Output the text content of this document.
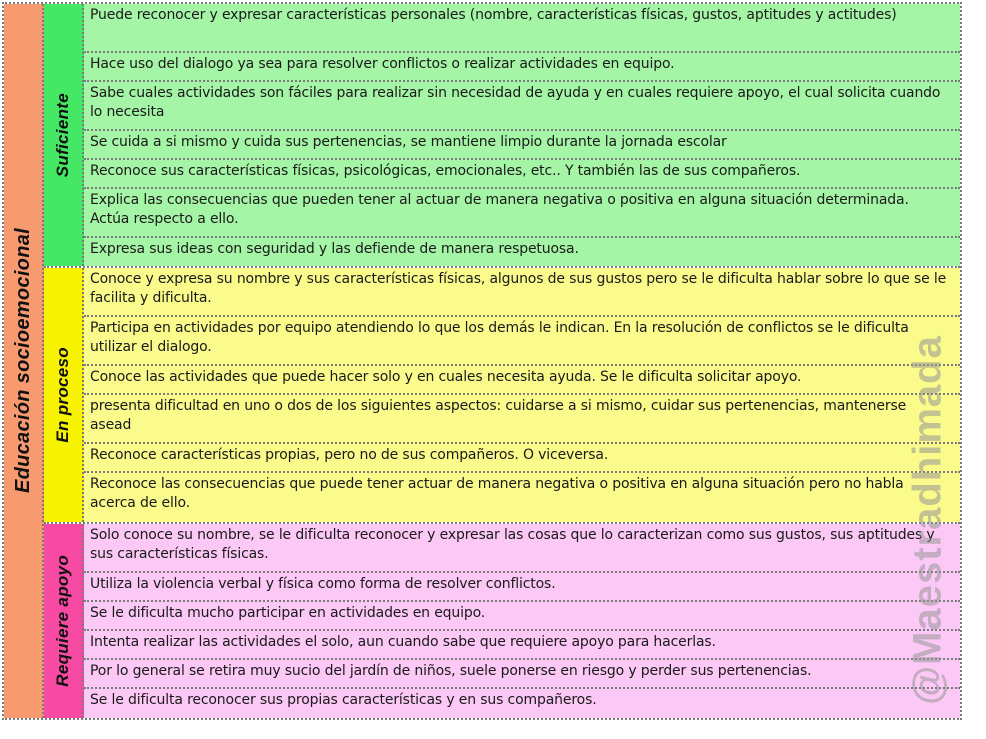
Educación socioemocional
Suficiente
Puede reconocer y expresar características personales (nombre, características físicas, gustos, aptitudes y actitudes)
Hace uso del dialogo ya sea para resolver conflictos o realizar actividades en equipo.
Sabe cuales actividades son fáciles para realizar sin necesidad de ayuda y en cuales requiere apoyo, el cual solicita cuando lo necesita
Se cuida a si mismo y cuida sus pertenencias, se mantiene limpio durante la jornada escolar
Reconoce sus características físicas, psicológicas, emocionales, etc.. Y también las de sus compañeros.
Explica las consecuencias que pueden tener al actuar de manera negativa o positiva en alguna situación determinada. Actúa respecto a ello.
Expresa sus ideas con seguridad y las defiende de manera respetuosa.
En proceso
Conoce y expresa su nombre y sus características físicas, algunos de sus gustos pero se le dificulta hablar sobre lo que se le facilita y dificulta.
Participa en actividades por equipo atendiendo lo que los demás le indican. En la resolución de conflictos se le dificulta utilizar el dialogo.
Conoce las actividades que puede hacer solo y en cuales necesita ayuda. Se le dificulta solicitar apoyo.
presenta dificultad en uno o dos de los siguientes aspectos: cuidarse a si mismo, cuidar sus pertenencias, mantenerse asead
Reconoce características propias, pero no de sus compañeros. O viceversa.
Reconoce las consecuencias que puede tener actuar de manera negativa o positiva en alguna situación pero no habla acerca de ello.
Requiere apoyo
Solo conoce su nombre, se le dificulta reconocer y expresar las cosas que lo caracterizan como sus gustos, sus aptitudes y sus características físicas.
Utiliza la violencia verbal y física como forma de resolver conflictos.
Se le dificulta mucho participar en actividades en equipo.
Intenta realizar las actividades el solo, aun cuando sabe que requiere apoyo para hacerlas.
Por lo general se retira muy sucio del jardín de niños, suele ponerse en riesgo y perder sus pertenencias.
Se le dificulta reconocer sus propias características y en sus compañeros.	@Maestradhimada
